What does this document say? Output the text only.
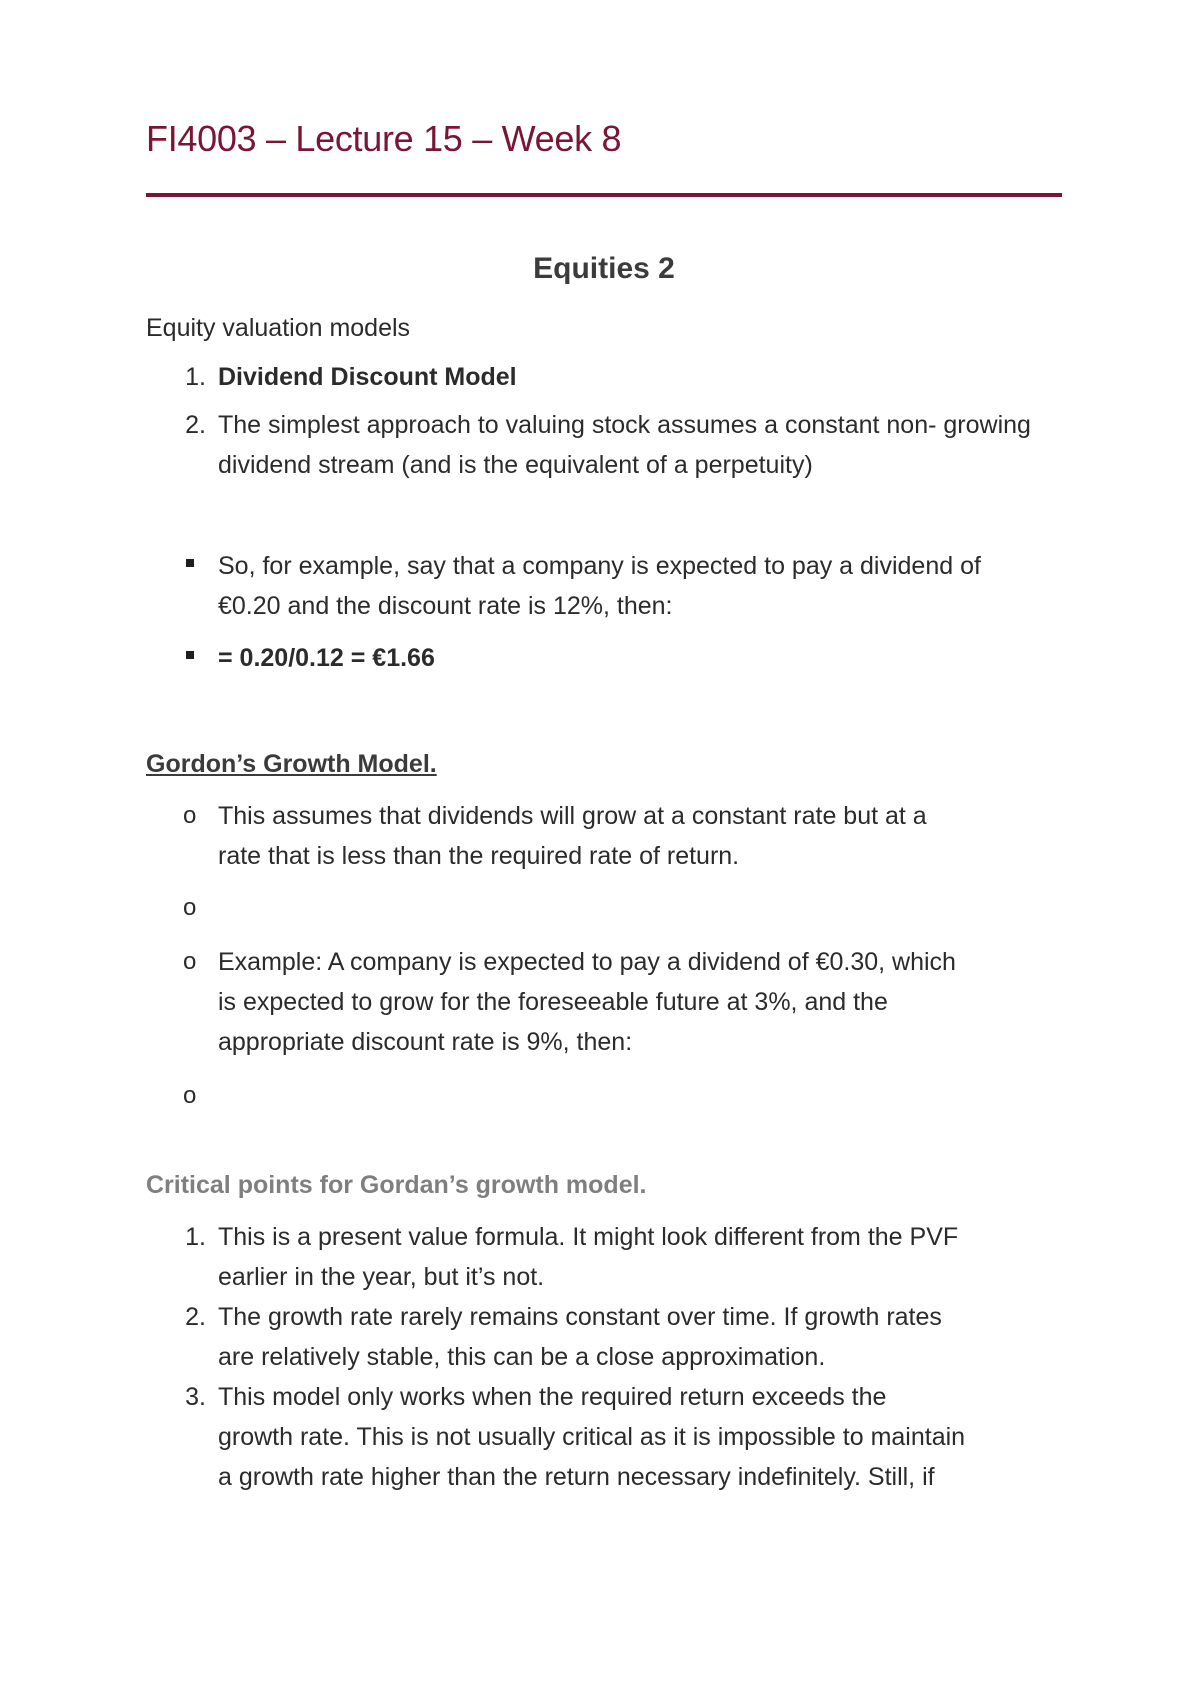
FI4003 – Lecture 15 – Week 8
Equities 2
Equity valuation models
1. Dividend Discount Model
2. The simplest approach to valuing stock assumes a constant non- growing
dividend stream (and is the equivalent of a perpetuity)
So, for example, say that a company is expected to pay a dividend of
€0.20 and the discount rate is 12%, then:
= 0.20/0.12 = €1.66
Gordon’s Growth Model.
o This assumes that dividends will grow at a constant rate but at a
rate that is less than the required rate of return.
o
o Example: A company is expected to pay a dividend of €0.30, which
is expected to grow for the foreseeable future at 3%, and the
appropriate discount rate is 9%, then:
o
Critical points for Gordan’s growth model.
1. This is a present value formula. It might look different from the PVF
earlier in the year, but it’s not.
2. The growth rate rarely remains constant over time. If growth rates
are relatively stable, this can be a close approximation.
3. This model only works when the required return exceeds the
growth rate. This is not usually critical as it is impossible to maintain
a growth rate higher than the return necessary indefinitely. Still, if
